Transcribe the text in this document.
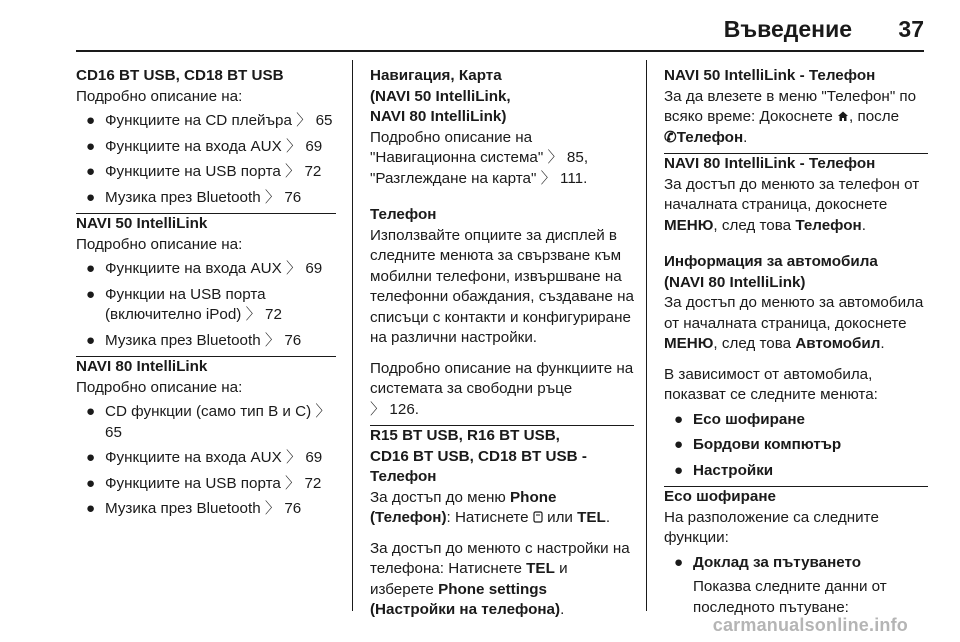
Въведение 37
CD16 BT USB, CD18 BT USB
Подробно описание на:
● Функциите на CD плейъра 〉 65
● Функциите на входа AUX 〉 69
● Функциите на USB порта 〉 72
● Музика през Bluetooth 〉 76
NAVI 50 IntelliLink
Подробно описание на:
● Функциите на входа AUX 〉 69
● Функции на USB порта (включително iPod) 〉 72
● Музика през Bluetooth 〉 76
NAVI 80 IntelliLink
Подробно описание на:
● CD функции (само тип B и C) 〉 65
● Функциите на входа AUX 〉 69
● Функциите на USB порта 〉 72
● Музика през Bluetooth 〉 76
Навигация, Карта
(NAVI 50 IntelliLink,
NAVI 80 IntelliLink)
Подробно описание на
"Навигационна система" 〉 85,
"Разглеждане на карта" 〉 111.
Телефон
Използвайте опциите за дисплей в следните менюта за свързване към мобилни телефони, извършване на телефонни обаждания, създаване на списъци с контакти и конфигуриране на различни настройки.
Подробно описание на функциите на системата за свободни ръце
〉 126.
R15 BT USB, R16 BT USB,
CD16 BT USB, CD18 BT USB -
Телефон
За достъп до меню Phone
(Телефон): Натиснете  или TEL.
За достъп до менюто с настройки на телефона: Натиснете TEL и изберете Phone settings
(Настройки на телефона).
NAVI 50 IntelliLink - Телефон
За да влезете в меню "Телефон" по всяко време: Докоснете , после
✆Телефон.
NAVI 80 IntelliLink - Телефон
За достъп до менюто за телефон от началната страница, докоснете МЕНЮ, след това Телефон.
Информация за автомобила
(NAVI 80 IntelliLink)
За достъп до менюто за автомобила от началната страница, докоснете МЕНЮ, след това Автомобил.
В зависимост от автомобила, показват се следните менюта:
● Eco шофиране
● Бордови компютър
● Настройки
Eco шофиране
На разположение са следните функции:
● Доклад за пътуването
Показва следните данни от последното пътуване:
carmanualsonline.info
